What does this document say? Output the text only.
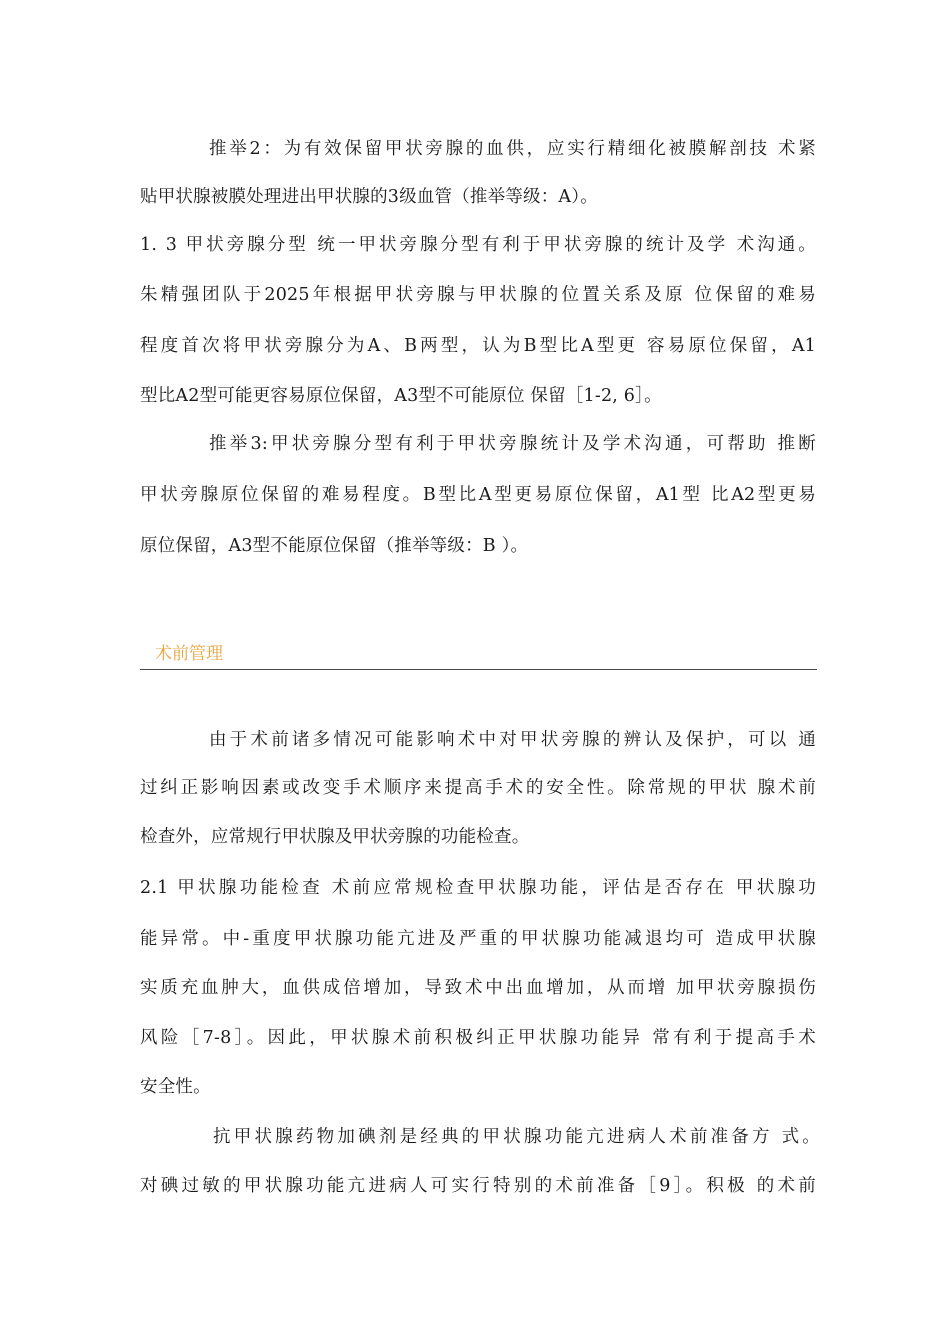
推举2：为有效保留甲状旁腺的血供，应实行精细化被膜解剖技 术紧
贴甲状腺被膜处理进出甲状腺的3级血管（推举等级：A）。
1. 3 甲状旁腺分型 统一甲状旁腺分型有利于甲状旁腺的统计及学 术沟通。
朱精强团队于2025年根据甲状旁腺与甲状腺的位置关系及原 位保留的难易
程度首次将甲状旁腺分为A、B两型，认为B型比A型更 容易原位保留，A1
型比A2型可能更容易原位保留，A3型不可能原位 保留［1-2, 6］。
推举3:甲状旁腺分型有利于甲状旁腺统计及学术沟通，可帮助 推断
甲状旁腺原位保留的难易程度。B型比A型更易原位保留，A1型 比A2型更易
原位保留，A3型不能原位保留（推举等级：B ）。
术前管理
由于术前诸多情况可能影响术中对甲状旁腺的辨认及保护，可以 通
过纠正影响因素或改变手术顺序来提高手术的安全性。除常规的甲状 腺术前
检查外，应常规行甲状腺及甲状旁腺的功能检查。
2.1 甲状腺功能检查 术前应常规检查甲状腺功能，评估是否存在 甲状腺功
能异常。中-重度甲状腺功能亢进及严重的甲状腺功能减退均可 造成甲状腺
实质充血肿大，血供成倍增加，导致术中出血增加，从而增 加甲状旁腺损伤
风险［7-8］。因此，甲状腺术前积极纠正甲状腺功能异 常有利于提高手术
安全性。
抗甲状腺药物加碘剂是经典的甲状腺功能亢进病人术前准备方 式。
对碘过敏的甲状腺功能亢进病人可实行特别的术前准备［9］。积极 的术前
